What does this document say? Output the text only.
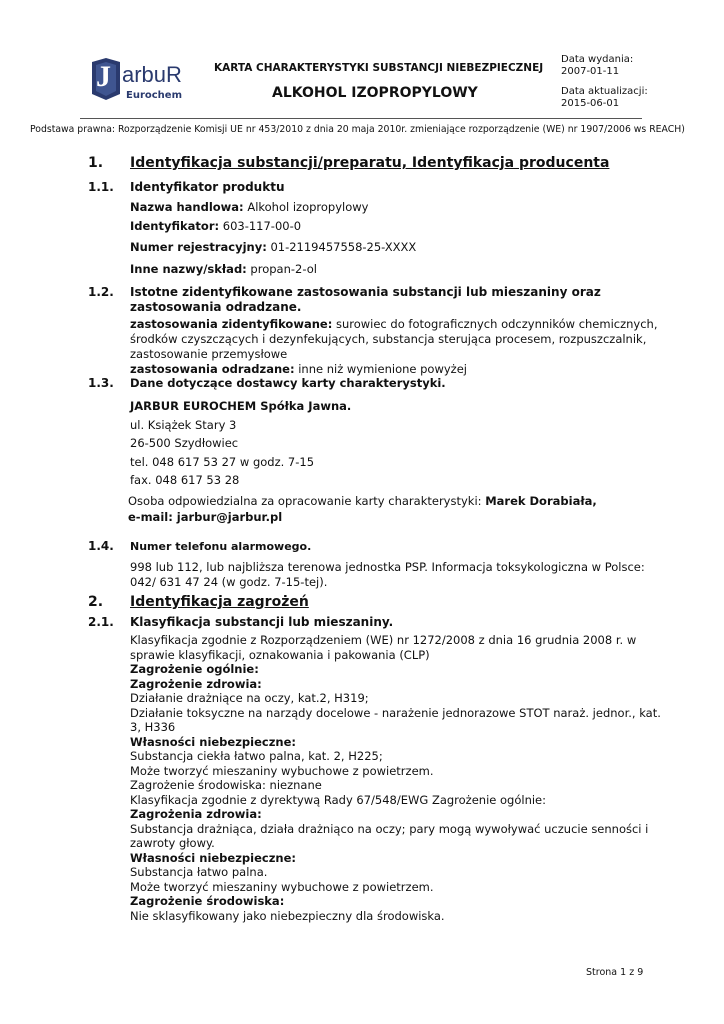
J arbuR
Eurochem
KARTA CHARAKTERYSTYKI SUBSTANCJI NIEBEZPIECZNEJ
ALKOHOL IZOPROPYLOWY
Data wydania:
2007-01-11
Data aktualizacji:
2015-06-01
Podstawa prawna: Rozporządzenie Komisji UE nr 453/2010 z dnia 20 maja 2010r. zmieniające rozporządzenie (WE) nr 1907/2006 ws REACH)
1. Identyfikacja substancji/preparatu, Identyfikacja producenta
1.1. Identyfikator produktu
Nazwa handlowa: Alkohol izopropylowy
Identyfikator: 603-117-00-0
Numer rejestracyjny: 01-2119457558-25-XXXX
Inne nazwy/skład: propan-2-ol
1.2. Istotne zidentyfikowane zastosowania substancji lub mieszaniny oraz
zastosowania odradzane.
zastosowania zidentyfikowane: surowiec do fotograficznych odczynników chemicznych,
środków czyszczących i dezynfekujących, substancja sterująca procesem, rozpuszczalnik,
zastosowanie przemysłowe
zastosowania odradzane: inne niż wymienione powyżej
1.3. Dane dotyczące dostawcy karty charakterystyki.
JARBUR EUROCHEM Spółka Jawna.
ul. Książek Stary 3
26-500 Szydłowiec
tel. 048 617 53 27 w godz. 7-15
fax. 048 617 53 28
Osoba odpowiedzialna za opracowanie karty charakterystyki: Marek Dorabiała,
e-mail: jarbur@jarbur.pl
1.4. Numer telefonu alarmowego.
998 lub 112, lub najbliższa terenowa jednostka PSP. Informacja toksykologiczna w Polsce:
042/ 631 47 24 (w godz. 7-15-tej).
2. Identyfikacja zagrożeń
2.1. Klasyfikacja substancji lub mieszaniny.
Klasyfikacja zgodnie z Rozporządzeniem (WE) nr 1272/2008 z dnia 16 grudnia 2008 r. w
sprawie klasyfikacji, oznakowania i pakowania (CLP)
Zagrożenie ogólnie:
Zagrożenie zdrowia:
Działanie drażniące na oczy, kat.2, H319;
Działanie toksyczne na narządy docelowe - narażenie jednorazowe STOT naraż. jednor., kat.
3, H336
Własności niebezpieczne:
Substancja ciekła łatwo palna, kat. 2, H225;
Może tworzyć mieszaniny wybuchowe z powietrzem.
Zagrożenie środowiska: nieznane
Klasyfikacja zgodnie z dyrektywą Rady 67/548/EWG Zagrożenie ogólnie:
Zagrożenia zdrowia:
Substancja drażniąca, działa drażniąco na oczy; pary mogą wywoływać uczucie senności i
zawroty głowy.
Własności niebezpieczne:
Substancja łatwo palna.
Może tworzyć mieszaniny wybuchowe z powietrzem.
Zagrożenie środowiska:
Nie sklasyfikowany jako niebezpieczny dla środowiska.
Strona 1 z 9
